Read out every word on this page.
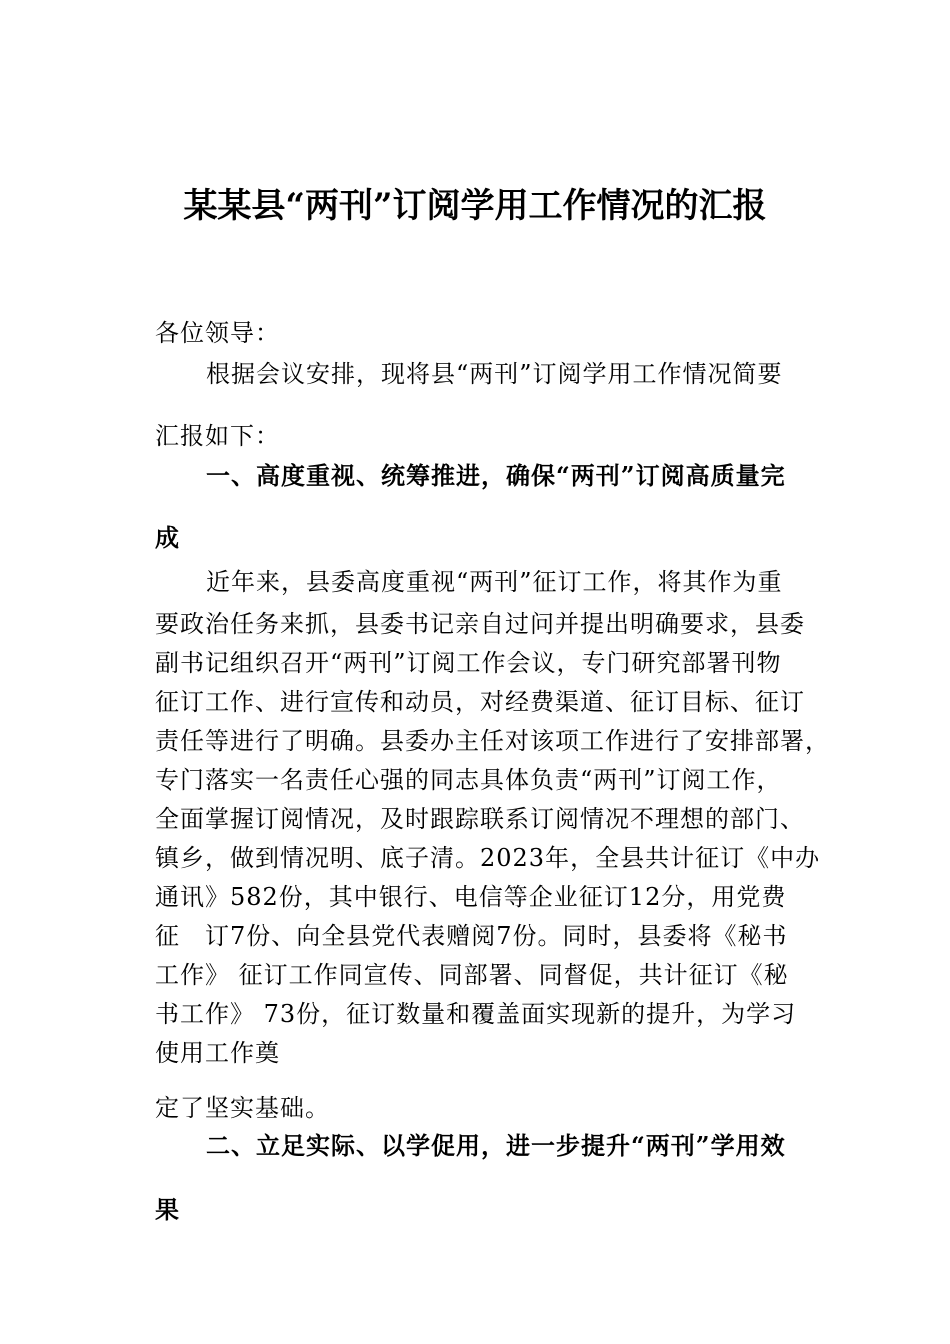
某某县“两刊”订阅学用工作情况的汇报
各位领导：
根据会议安排，现将县“两刊”订阅学用工作情况简要
汇报如下：
一、高度重视、统筹推进，确保“两刊”订阅高质量完
成
近年来，县委高度重视“两刊”征订工作，将其作为重
要政治任务来抓，县委书记亲自过问并提出明确要求，县委
副书记组织召开“两刊”订阅工作会议，专门研究部署刊物
征订工作、进行宣传和动员，对经费渠道、征订目标、征订
责任等进行了明确。县委办主任对该项工作进行了安排部署，
专门落实一名责任心强的同志具体负责“两刊”订阅工作，
全面掌握订阅情况，及时跟踪联系订阅情况不理想的部门、
镇乡，做到情况明、底子清。2023年，全县共计征订《中办
通讯》582份，其中银行、电信等企业征订12分，用党费
征　订7份、向全县党代表赠阅7份。同时，县委将《秘书
工作》 征订工作同宣传、同部署、同督促，共计征订《秘
书工作》 73份，征订数量和覆盖面实现新的提升，为学习
使用工作奠
定了坚实基础。
二、立足实际、以学促用，进一步提升“两刊”学用效
果
